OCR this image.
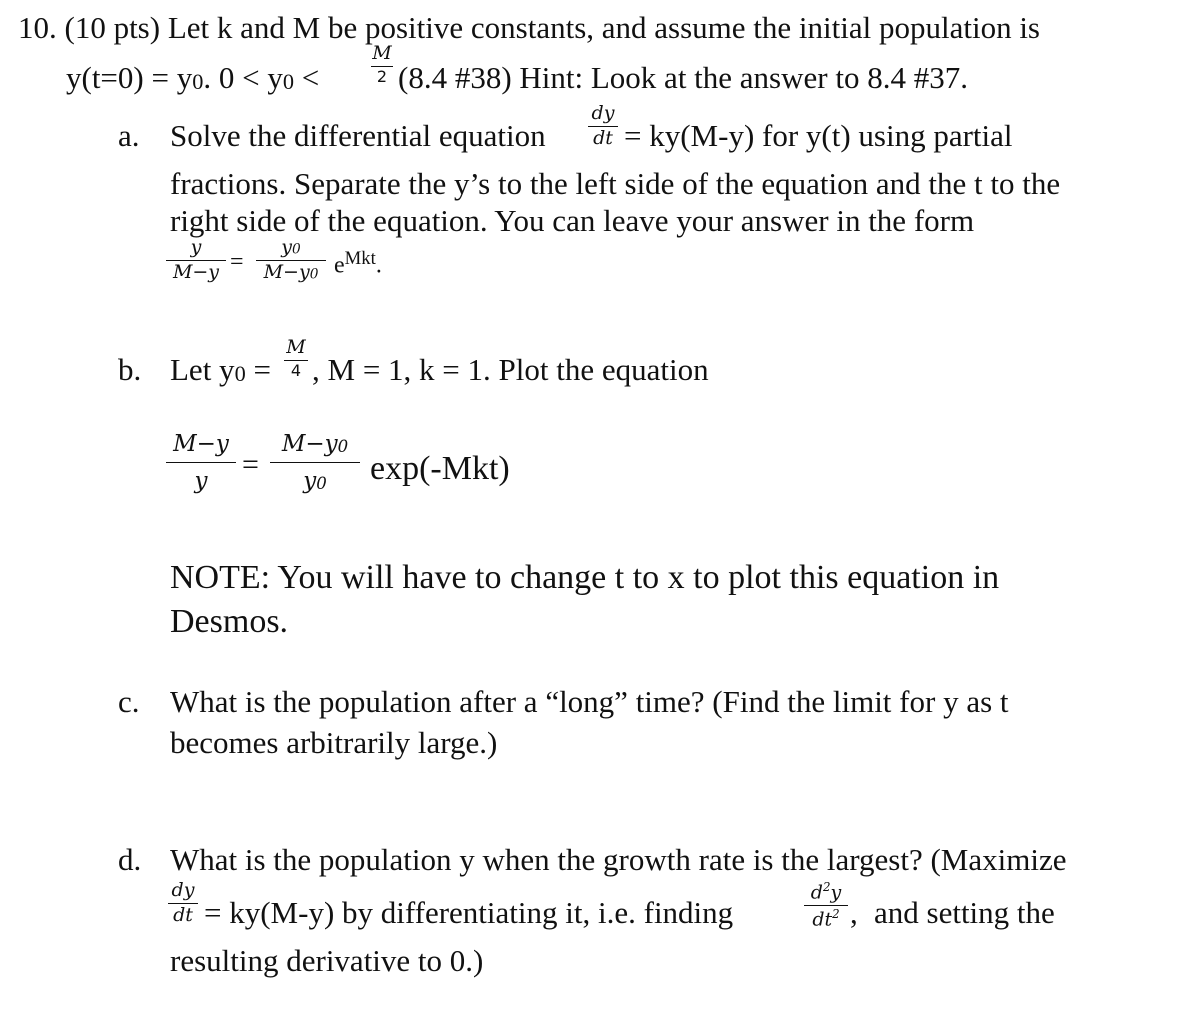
10. (10 pts) Let k and M be positive constants, and assume the initial population is
y(t=0) = y0. 0 < y0 <
M
2 (8.4 #38) Hint: Look at the answer to 8.4 #37.
a. Solve the differential equation
dy
dt = ky(M-y) for y(t) using partial
fractions. Separate the y’s to the left side of the equation and the t to the
right side of the equation. You can leave your answer in the form
y
M−y =
y0
M−y0 $e^{Mkt}$.
b. Let y0 =
M
4 , M = 1, k = 1. Plot the equation
M−y
y
=
M−y0
y0	exp(-Mkt)
NOTE: You will have to change t to x to plot this equation in
Desmos.
c. What is the population after a “long” time? (Find the limit for y as t
becomes arbitrarily large.)
d. What is the population y when the growth rate is the largest? (Maximize
dy
dt = ky(M-y) by differentiating it, i.e. finding
$d^2y$
$dt^2$ , and setting the
resulting derivative to 0.)
